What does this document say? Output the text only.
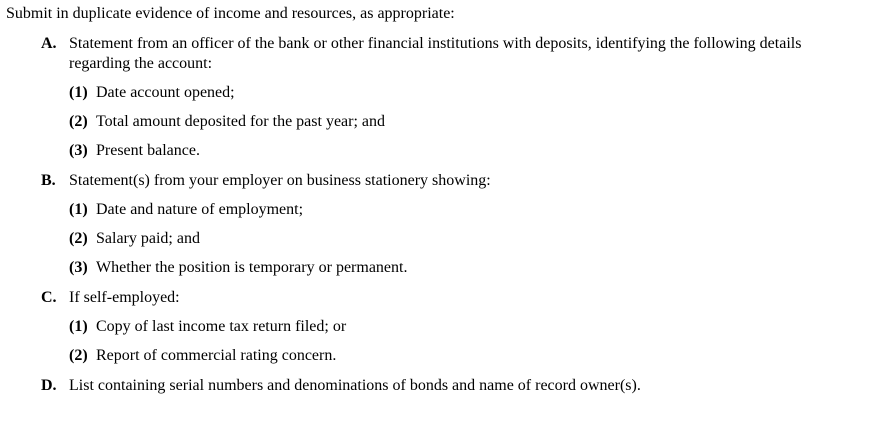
Submit in duplicate evidence of income and resources, as appropriate:
A. Statement from an officer of the bank or other financial institutions with deposits, identifying the following details
regarding the account:
(1) Date account opened;
(2) Total amount deposited for the past year; and
(3) Present balance.
B. Statement(s) from your employer on business stationery showing:
(1) Date and nature of employment;
(2) Salary paid; and
(3) Whether the position is temporary or permanent.
C. If self-employed:
(1) Copy of last income tax return filed; or
(2) Report of commercial rating concern.
D. List containing serial numbers and denominations of bonds and name of record owner(s).
